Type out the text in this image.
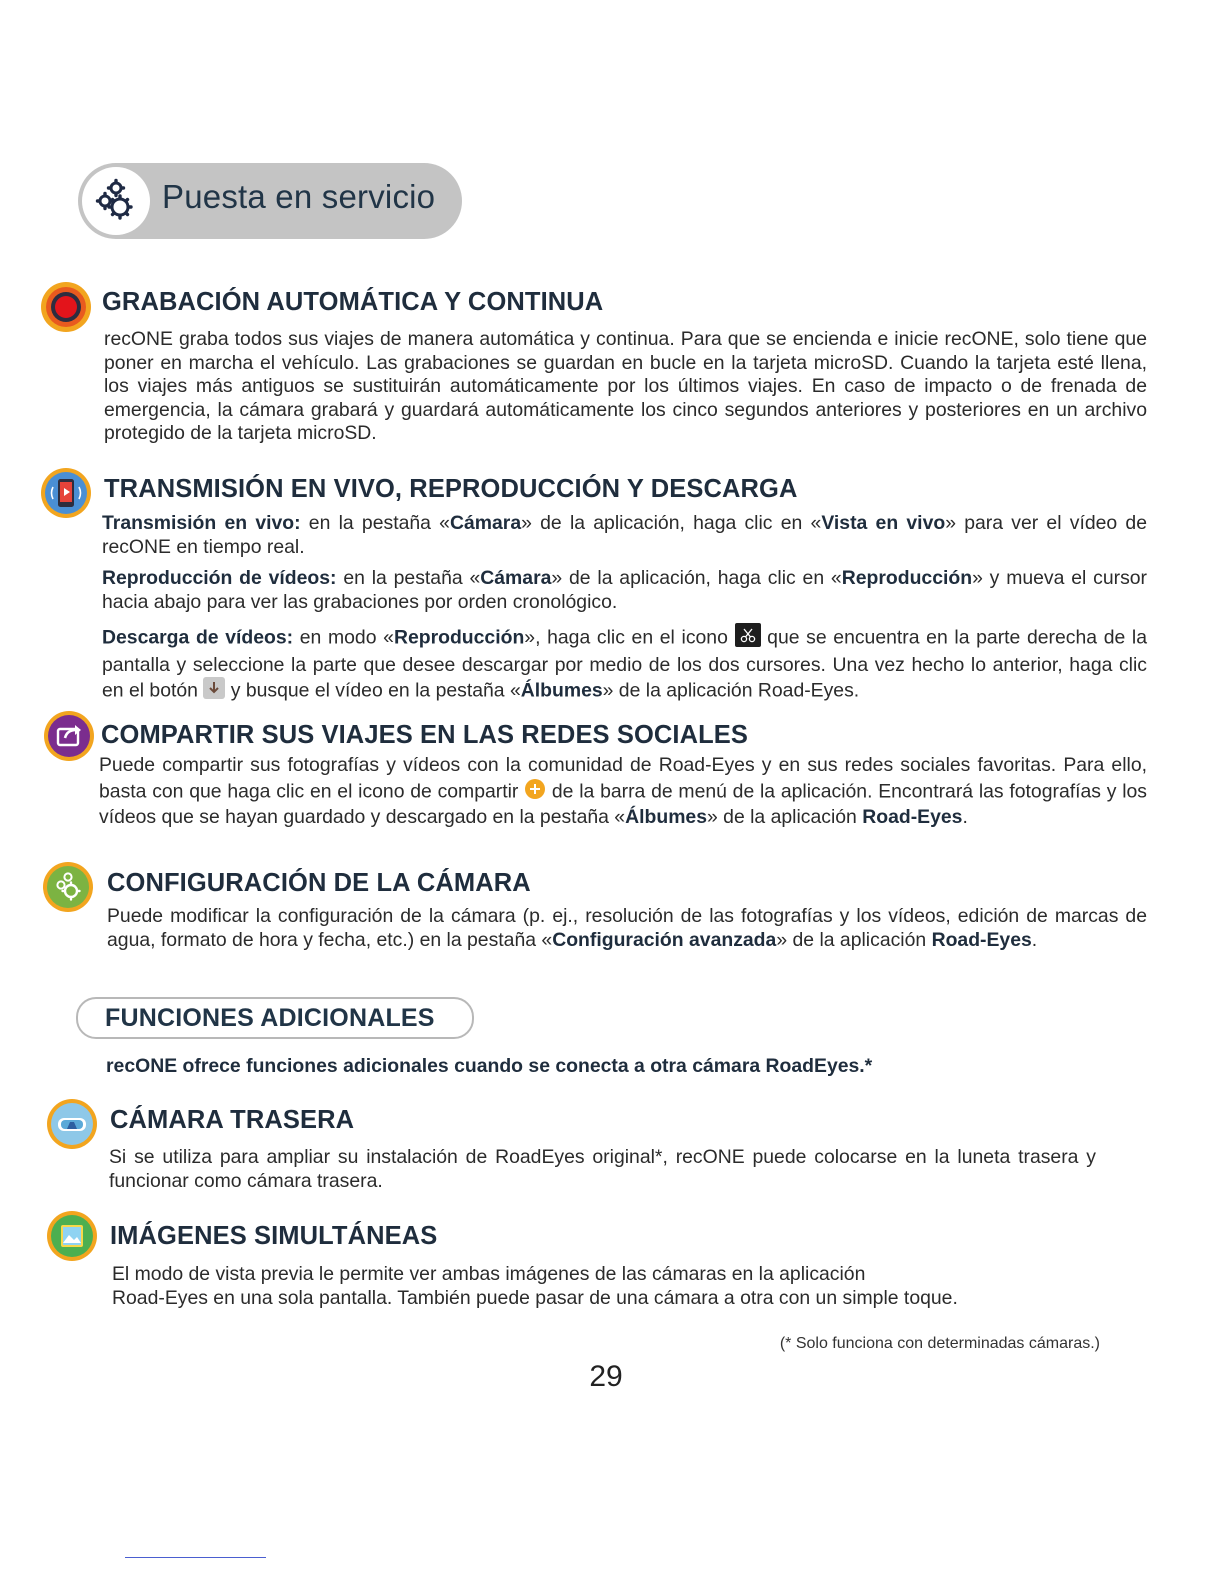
Puesta en servicio
GRABACIÓN AUTOMÁTICA Y CONTINUA
recONE graba todos sus viajes de manera automática y continua. Para que se encienda e inicie recONE, solo tiene que poner en marcha el vehículo. Las grabaciones se guardan en bucle en la tarjeta microSD. Cuando la tarjeta esté llena, los viajes más antiguos se sustituirán automáticamente por los últimos viajes. En caso de impacto o de frenada de emergencia, la cámara grabará y guardará automáticamente los cinco segundos anteriores y posteriores en un archivo protegido de la tarjeta microSD.
TRANSMISIÓN EN VIVO, REPRODUCCIÓN Y DESCARGA
Transmisión en vivo: en la pestaña «Cámara» de la aplicación, haga clic en «Vista en vivo» para ver el vídeo de recONE en tiempo real.
Reproducción de vídeos: en la pestaña «Cámara» de la aplicación, haga clic en «Reproducción» y mueva el cursor hacia abajo para ver las grabaciones por orden cronológico.
Descarga de vídeos: en modo «Reproducción», haga clic en el icono  que se encuentra en la parte derecha de la pantalla y seleccione la parte que desee descargar por medio de los dos cursores. Una vez hecho lo anterior, haga clic en el botón  y busque el vídeo en la pestaña «Álbumes» de la aplicación Road-Eyes.
COMPARTIR SUS VIAJES EN LAS REDES SOCIALES
Puede compartir sus fotografías y vídeos con la comunidad de Road-Eyes y en sus redes sociales favoritas. Para ello, basta con que haga clic en el icono de compartir  de la barra de menú de la aplicación. Encontrará las fotografías y los vídeos que se hayan guardado y descargado en la pestaña «Álbumes» de la aplicación Road-Eyes.
CONFIGURACIÓN DE LA CÁMARA
Puede modificar la configuración de la cámara (p. ej., resolución de las fotografías y los vídeos, edición de marcas de agua, formato de hora y fecha, etc.) en la pestaña «Configuración avanzada» de la aplicación Road-Eyes.
FUNCIONES ADICIONALES
recONE ofrece funciones adicionales cuando se conecta a otra cámara RoadEyes.*
CÁMARA TRASERA
Si se utiliza para ampliar su instalación de RoadEyes original*, recONE puede colocarse en la luneta trasera y funcionar como cámara trasera.
IMÁGENES SIMULTÁNEAS
El modo de vista previa le permite ver ambas imágenes de las cámaras en la aplicación
Road-Eyes en una sola pantalla. También puede pasar de una cámara a otra con un simple toque.
(* Solo funciona con determinadas cámaras.)
29
